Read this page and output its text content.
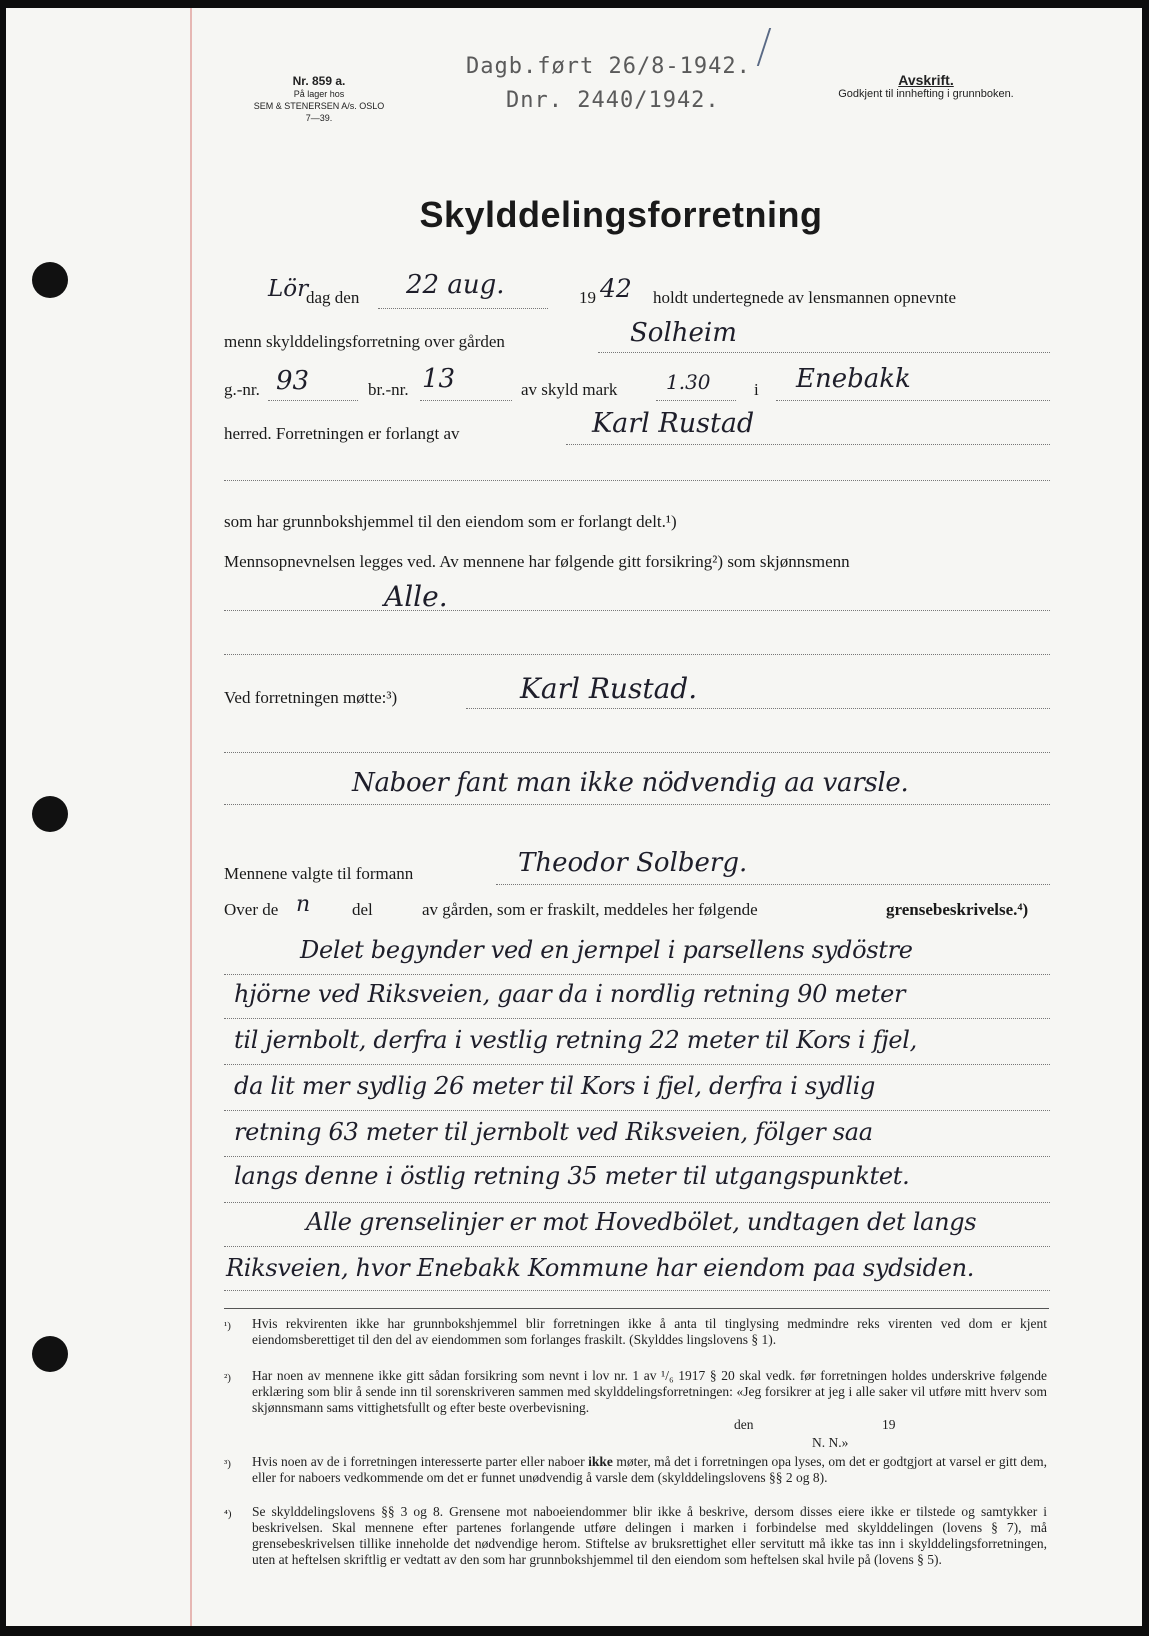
Nr. 859 a.
På lager hos
SEM & STENERSEN A/s. OSLO
7—39.
Dagb.ført 26/8-1942.
Dnr. 2440/1942.
Avskrift.
Godkjent til innhefting i grunnboken.
Skylddelingsforretning
Lör
dag den 22 aug.	19 42 holdt undertegnede av lensmannen opnevnte
menn skylddelingsforretning over gården	Solheim
g.-nr. 93	br.-nr. 13	av skyld mark 1.30	i Enebakk
herred. Forretningen er forlangt av	Karl Rustad
som har grunnbokshjemmel til den eiendom som er forlangt delt.¹)
Mennsopnevnelsen legges ved. Av mennene har følgende gitt forsikring²) som skjønnsmenn
Alle.
Ved forretningen møtte:³)	Karl Rustad.
Naboer fant man ikke nödvendig aa varsle.
Mennene valgte til formann	Theodor Solberg.
Over de n del	av gården, som er fraskilt, meddeles her følgende	grensebeskrivelse.⁴)
Delet begynder ved en jernpel i parsellens sydöstre
hjörne ved Riksveien, gaar da i nordlig retning 90 meter
til jernbolt, derfra i vestlig retning 22 meter til Kors i fjel,
da lit mer sydlig 26 meter til Kors i fjel, derfra i sydlig
retning 63 meter til jernbolt ved Riksveien, fölger saa
langs denne i östlig retning 35 meter til utgangspunktet.
Alle grenselinjer er mot Hovedbölet, undtagen det langs
Riksveien, hvor Enebakk Kommune har eiendom paa sydsiden.
¹) Hvis rekvirenten ikke har grunnbokshjemmel blir forretningen ikke å anta til tinglysing medmindre reks virenten ved dom er kjent eiendomsberettiget til den del av eiendommen som forlanges fraskilt. (Skylddes lingslovens § 1).
²) Har noen av mennene ikke gitt sådan forsikring som nevnt i lov nr. 1 av ¹/₆ 1917 § 20 skal vedk. før forretningen holdes underskrive følgende erklæring som blir å sende inn til sorenskriveren sammen med skylddelingsforretningen: «Jeg forsikrer at jeg i alle saker vil utføre mitt hverv som skjønnsmann sams vittighetsfullt og efter beste overbevisning.
den	19
N. N.»
³) Hvis noen av de i forretningen interesserte parter eller naboer ikke møter, må det i forretningen opa lyses, om det er godtgjort at varsel er gitt dem, eller for naboers vedkommende om det er funnet unødvendig å varsle dem (skylddelingslovens §§ 2 og 8).
⁴) Se skylddelingslovens §§ 3 og 8. Grensene mot naboeiendommer blir ikke å beskrive, dersom disses eiere ikke er tilstede og samtykker i beskrivelsen. Skal mennene efter partenes forlangende utføre delingen i marken i forbindelse med skylddelingen (lovens § 7), må grensebeskrivelsen tillike inneholde det nødvendige herom. Stiftelse av bruksrettighet eller servitutt må ikke tas inn i skylddelingsforretningen, uten at heftelsen skriftlig er vedtatt av den som har grunnbokshjemmel til den eiendom som heftelsen skal hvile på (lovens § 5).
